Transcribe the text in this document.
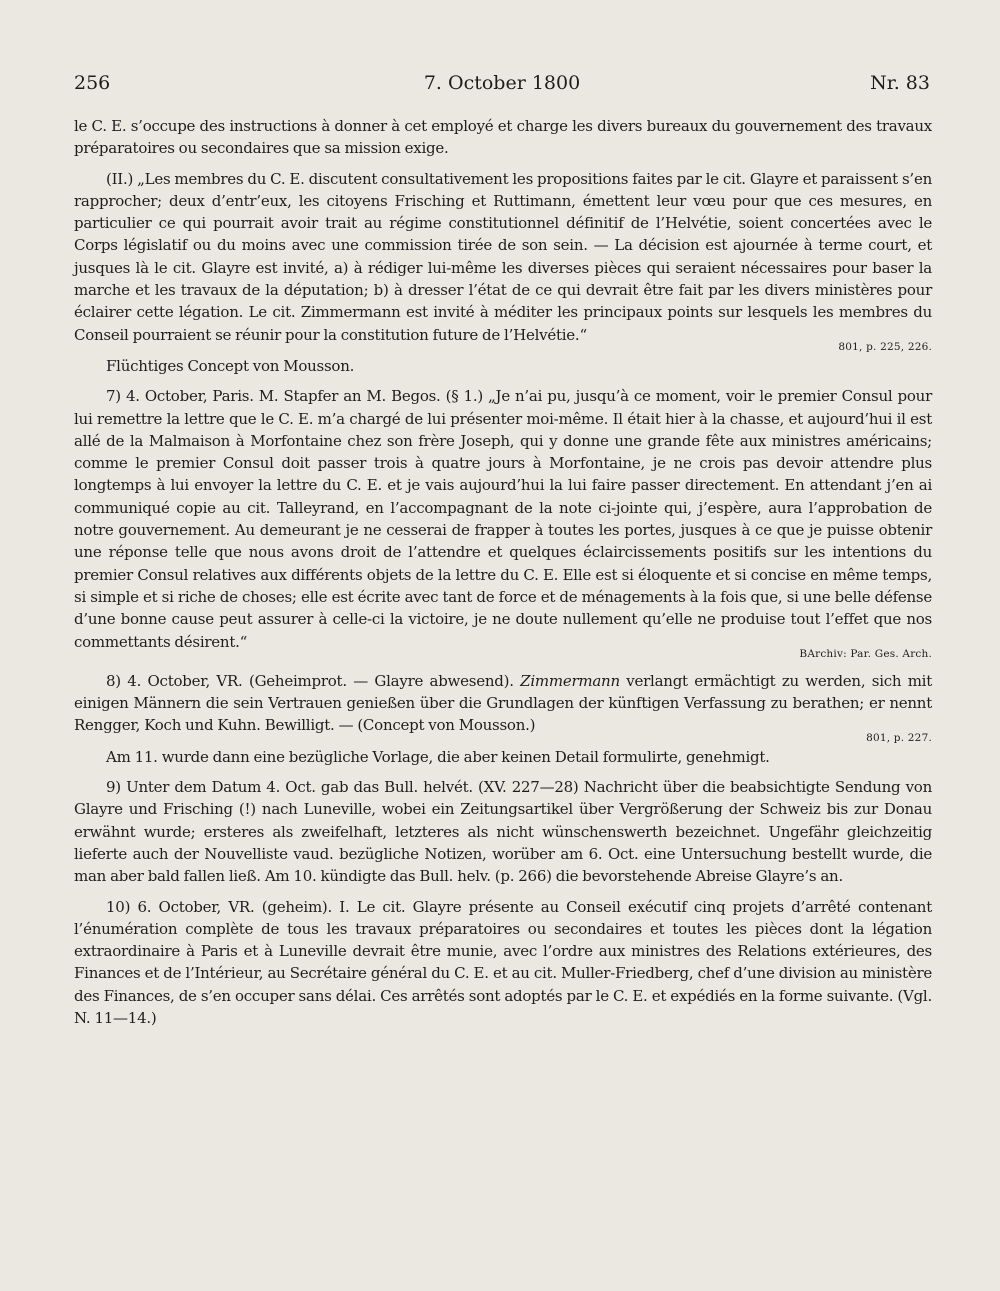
256	7. October 1800	Nr. 83

le C. E. s’occupe des instructions à donner à cet employé et charge les divers bureaux du gouvernement des travaux préparatoires ou secondaires que sa mission exige.

(II.) „Les membres du C. E. discutent consultativement les propositions faites par le cit. Glayre et paraissent s’en rapprocher; deux d’entr’eux, les citoyens Frisching et Ruttimann, émettent leur vœu pour que ces mesures, en particulier ce qui pourrait avoir trait au régime constitutionnel définitif de l’Helvétie, soient concertées avec le Corps législatif ou du moins avec une commission tirée de son sein. — La décision est ajournée à terme court, et jusques là le cit. Glayre est invité, a) à rédiger lui-même les diverses pièces qui seraient nécessaires pour baser la marche et les travaux de la députation; b) à dresser l’état de ce qui devrait être fait par les divers ministères pour éclairer cette légation. Le cit. Zimmermann est invité à méditer les principaux points sur lesquels les membres du Conseil pourraient se réunir pour la constitution future de l’Helvétie.“

801, p. 225, 226.

Flüchtiges Concept von Mousson.

7) 4. October, Paris. M. Stapfer an M. Begos. (§ 1.) „Je n’ai pu, jusqu’à ce moment, voir le premier Consul pour lui remettre la lettre que le C. E. m’a chargé de lui présenter moi-même. Il était hier à la chasse, et aujourd’hui il est allé de la Malmaison à Morfontaine chez son frère Joseph, qui y donne une grande fête aux ministres américains; comme le premier Consul doit passer trois à quatre jours à Morfontaine, je ne crois pas devoir attendre plus longtemps à lui envoyer la lettre du C. E. et je vais aujourd’hui la lui faire passer directement. En attendant j’en ai communiqué copie au cit. Talleyrand, en l’accompagnant de la note ci-jointe qui, j’espère, aura l’approbation de notre gouvernement. Au demeurant je ne cesserai de frapper à toutes les portes, jusques à ce que je puisse obtenir une réponse telle que nous avons droit de l’attendre et quelques éclaircissements positifs sur les intentions du premier Consul relatives aux différents objets de la lettre du C. E. Elle est si éloquente et si concise en même temps, si simple et si riche de choses; elle est écrite avec tant de force et de ménagements à la fois que, si une belle défense d’une bonne cause peut assurer à celle-ci la victoire, je ne doute nullement qu’elle ne produise tout l’effet que nos commettants désirent.“

BArchiv: Par. Ges. Arch.

8) 4. October, VR. (Geheimprot. — Glayre abwesend). Zimmermann verlangt ermächtigt zu werden, sich mit einigen Männern die sein Vertrauen genießen über die Grundlagen der künftigen Verfassung zu berathen; er nennt Rengger, Koch und Kuhn. Bewilligt. — (Concept von Mousson.)

801, p. 227.

Am 11. wurde dann eine bezügliche Vorlage, die aber keinen Detail formulirte, genehmigt.

9) Unter dem Datum 4. Oct. gab das Bull. helvét. (XV. 227—28) Nachricht über die beabsichtigte Sendung von Glayre und Frisching (!) nach Luneville, wobei ein Zeitungsartikel über Vergrößerung der Schweiz bis zur Donau erwähnt wurde; ersteres als zweifelhaft, letzteres als nicht wünschenswerth bezeichnet. Ungefähr gleichzeitig lieferte auch der Nouvelliste vaud. bezügliche Notizen, worüber am 6. Oct. eine Untersuchung bestellt wurde, die man aber bald fallen ließ. Am 10. kündigte das Bull. helv. (p. 266) die bevorstehende Abreise Glayre’s an.

10) 6. October, VR. (geheim). I. Le cit. Glayre présente au Conseil exécutif cinq projets d’arrêté contenant l’énumération complète de tous les travaux préparatoires ou secondaires et toutes les pièces dont la légation extraordinaire à Paris et à Luneville devrait être munie, avec l’ordre aux ministres des Relations extérieures, des Finances et de l’Intérieur, au Secrétaire général du C. E. et au cit. Muller-Friedberg, chef d’une division au ministère des Finances, de s’en occuper sans délai. Ces arrêtés sont adoptés par le C. E. et expédiés en la forme suivante. (Vgl. N. 11—14.)
